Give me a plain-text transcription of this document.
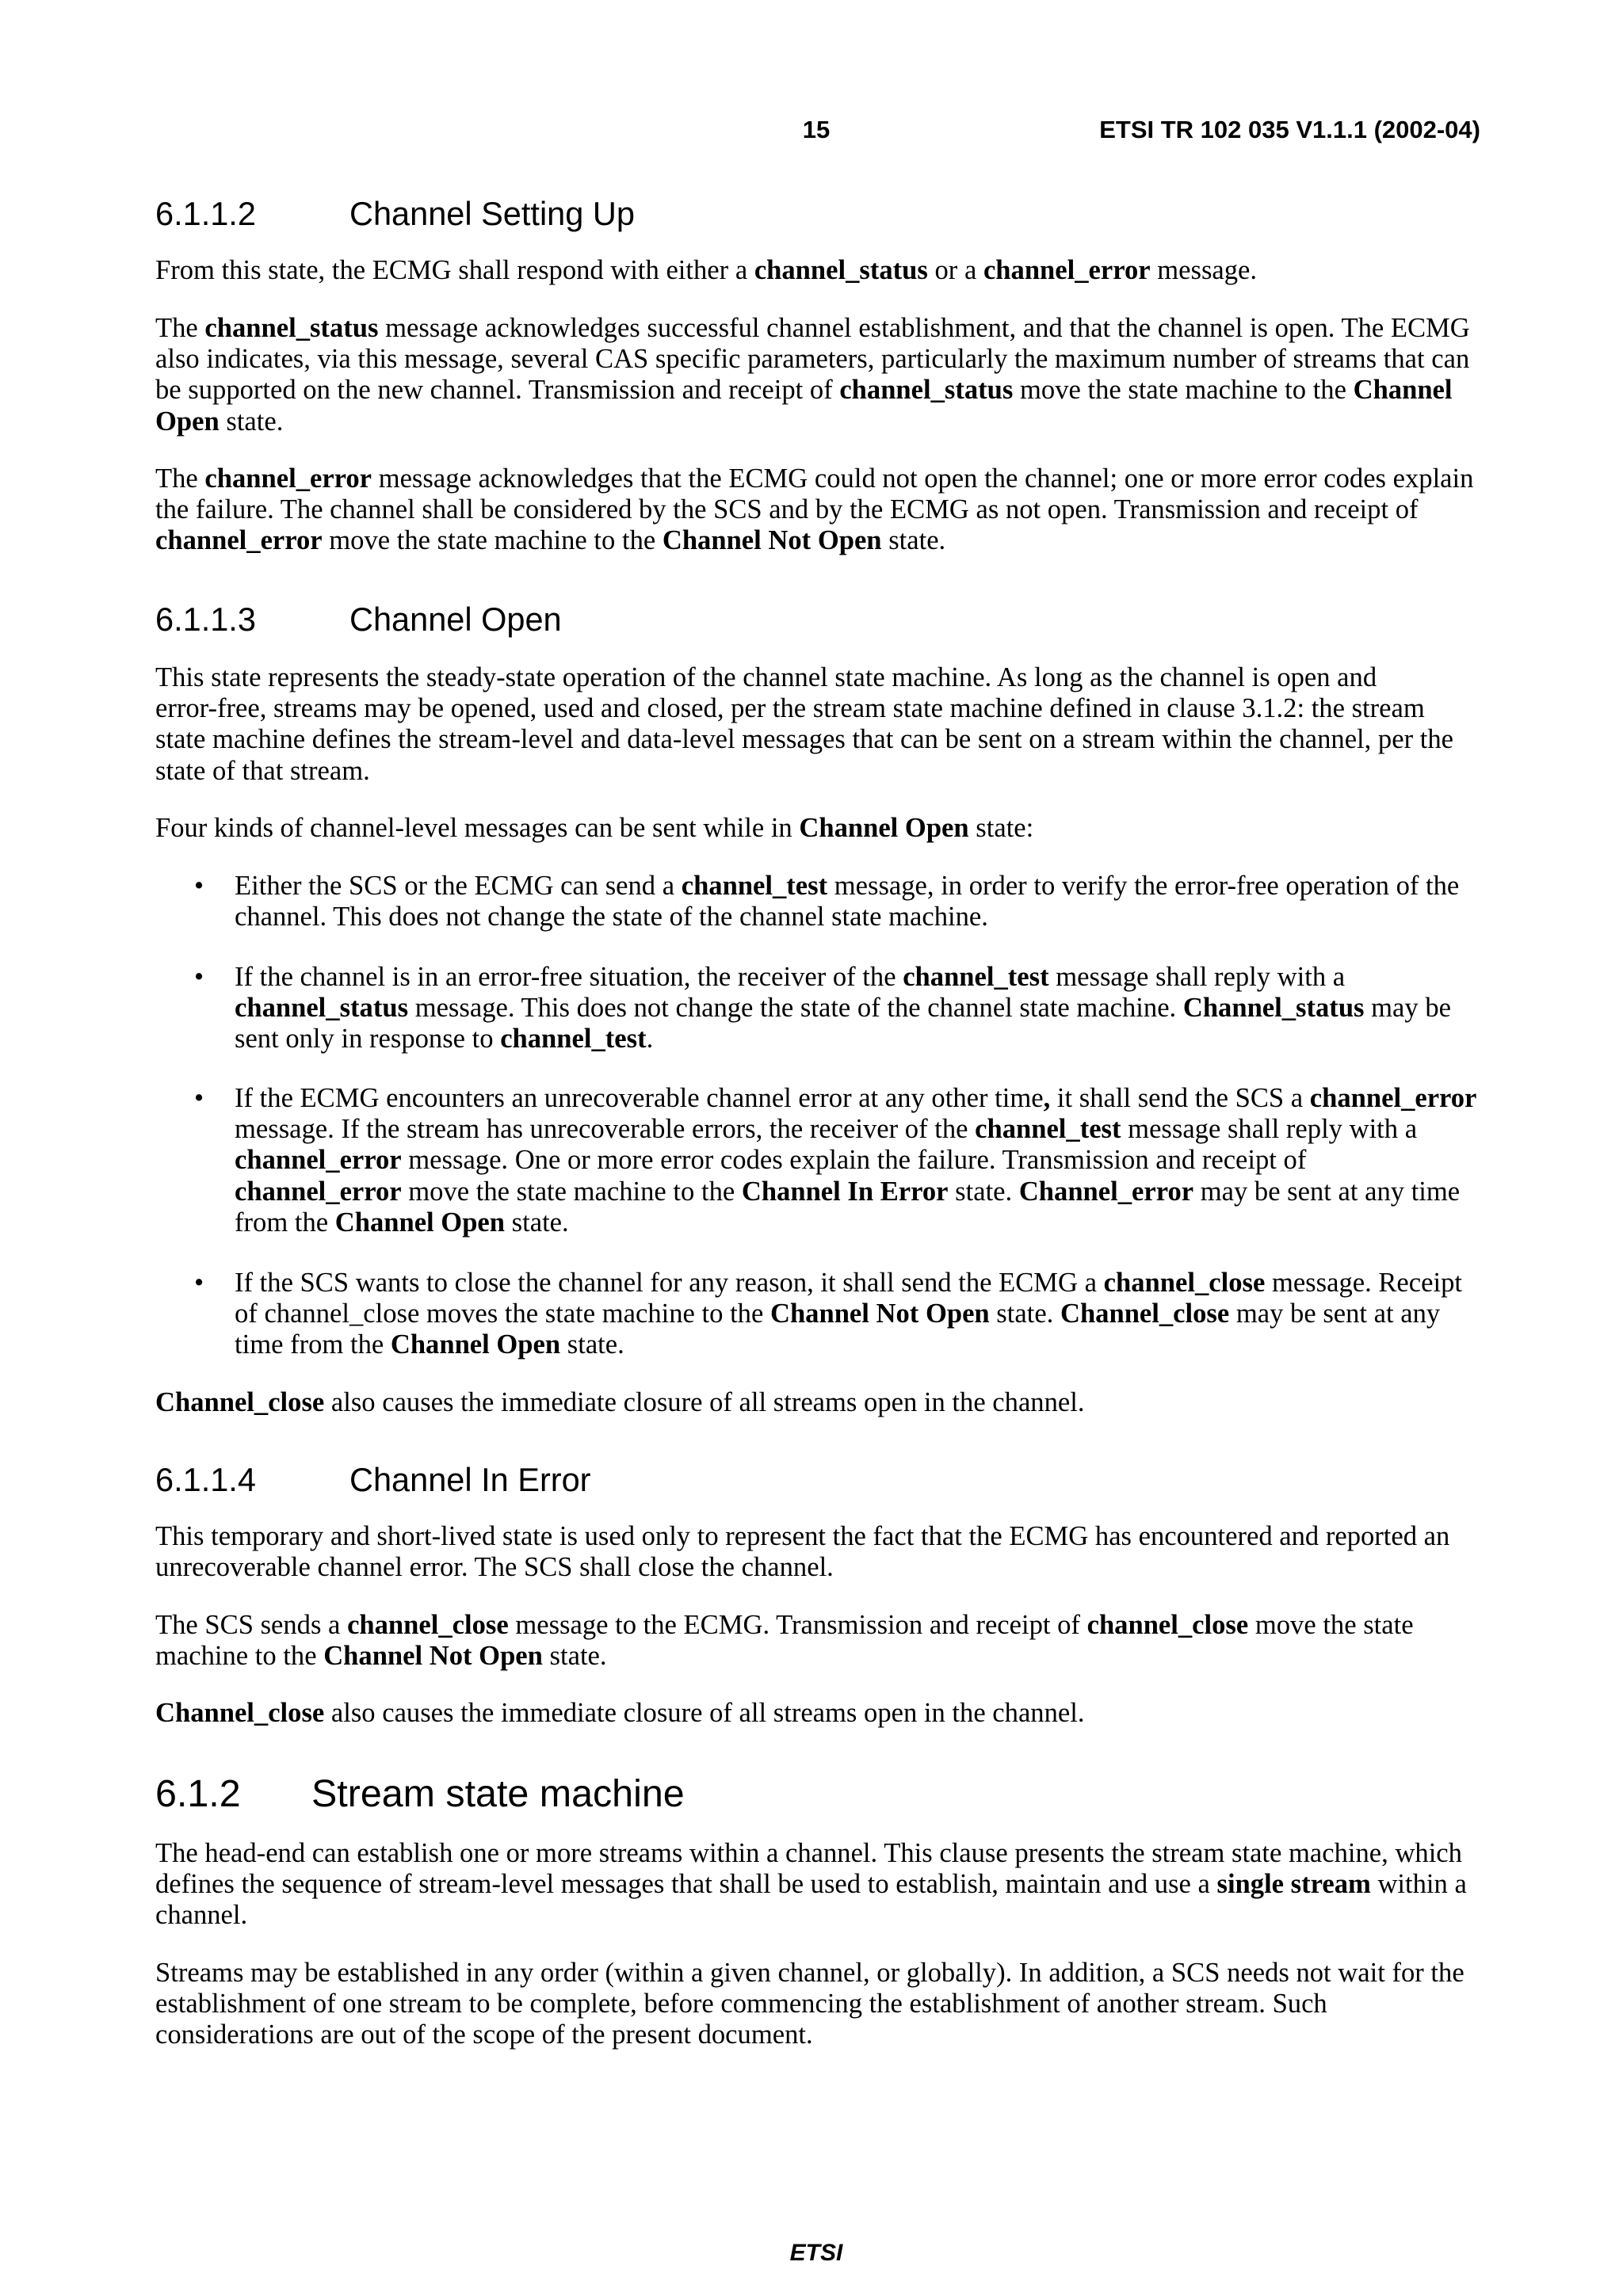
15	ETSI TR 102 035 V1.1.1 (2002-04)
6.1.1.2	Channel Setting Up
From this state, the ECMG shall respond with either a channel_status or a channel_error message.
The channel_status message acknowledges successful channel establishment, and that the channel is open. The ECMG
also indicates, via this message, several CAS specific parameters, particularly the maximum number of streams that can
be supported on the new channel. Transmission and receipt of channel_status move the state machine to the Channel
Open state.
The channel_error message acknowledges that the ECMG could not open the channel; one or more error codes explain
the failure. The channel shall be considered by the SCS and by the ECMG as not open. Transmission and receipt of
channel_error move the state machine to the Channel Not Open state.
6.1.1.3	Channel Open
This state represents the steady-state operation of the channel state machine. As long as the channel is open and
error-free, streams may be opened, used and closed, per the stream state machine defined in clause 3.1.2: the stream
state machine defines the stream-level and data-level messages that can be sent on a stream within the channel, per the
state of that stream.
Four kinds of channel-level messages can be sent while in Channel Open state:
• Either the SCS or the ECMG can send a channel_test message, in order to verify the error-free operation of the
channel. This does not change the state of the channel state machine.
• If the channel is in an error-free situation, the receiver of the channel_test message shall reply with a
channel_status message. This does not change the state of the channel state machine. Channel_status may be
sent only in response to channel_test.
• If the ECMG encounters an unrecoverable channel error at any other time, it shall send the SCS a channel_error
message. If the stream has unrecoverable errors, the receiver of the channel_test message shall reply with a
channel_error message. One or more error codes explain the failure. Transmission and receipt of
channel_error move the state machine to the Channel In Error state. Channel_error may be sent at any time
from the Channel Open state.
• If the SCS wants to close the channel for any reason, it shall send the ECMG a channel_close message. Receipt
of channel_close moves the state machine to the Channel Not Open state. Channel_close may be sent at any
time from the Channel Open state.
Channel_close also causes the immediate closure of all streams open in the channel.
6.1.1.4	Channel In Error
This temporary and short-lived state is used only to represent the fact that the ECMG has encountered and reported an
unrecoverable channel error. The SCS shall close the channel.
The SCS sends a channel_close message to the ECMG. Transmission and receipt of channel_close move the state
machine to the Channel Not Open state.
Channel_close also causes the immediate closure of all streams open in the channel.
6.1.2 Stream state machine
The head-end can establish one or more streams within a channel. This clause presents the stream state machine, which
defines the sequence of stream-level messages that shall be used to establish, maintain and use a single stream within a
channel.
Streams may be established in any order (within a given channel, or globally). In addition, a SCS needs not wait for the
establishment of one stream to be complete, before commencing the establishment of another stream. Such
considerations are out of the scope of the present document.
ETSI
